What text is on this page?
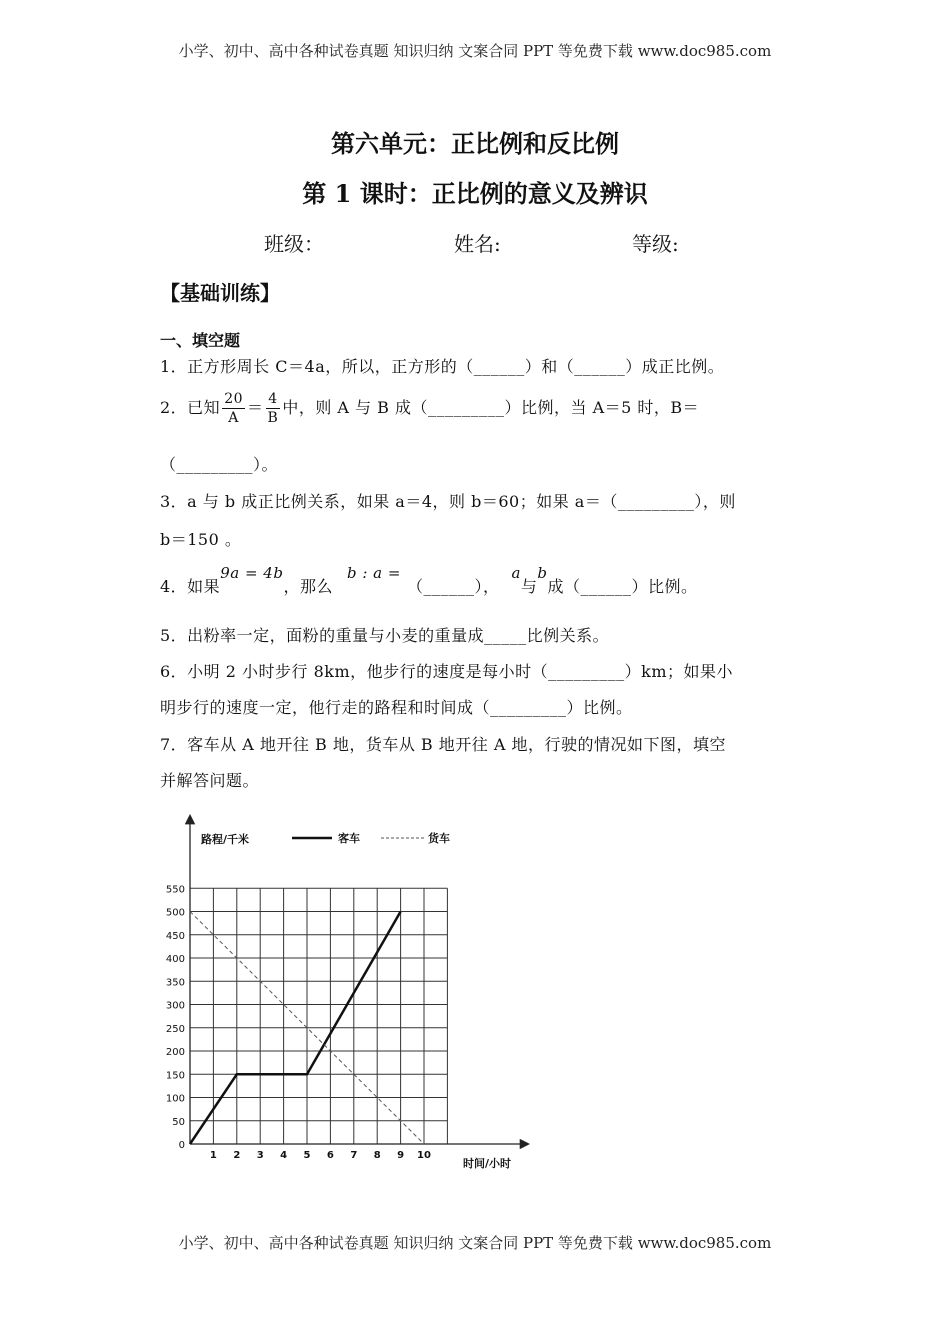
小学、初中、高中各种试卷真题 知识归纳 文案合同 PPT 等免费下载 www.doc985.com
第六单元：正比例和反比例
第 1 课时：正比例的意义及辨识
班级：	姓名:	等级:
【基础训练】
一、填空题
1．正方形周长 C＝4a，所以，正方形的（______）和（______）成正比例。
2．已知 $\frac{20}{A} = \frac{4}{B}$ 中，则 A 与 B 成（_________）比例，当 A＝5 时，B＝
（_________）。
3．a 与 b 成正比例关系，如果 a＝4，则 b＝60；如果 a＝（_________），则
b＝150 。
4．如果9a = 4b，那么b : a =（______），a与b成（______）比例。
5．出粉率一定，面粉的重量与小麦的重量成_____比例关系。
6．小明 2 小时步行 8km，他步行的速度是每小时（_________）km；如果小
明步行的速度一定，他行走的路程和时间成（_________）比例。
7．客车从 A 地开往 B 地，货车从 B 地开往 A 地，行驶的情况如下图，填空
并解答问题。
0
50
100
150
200
250
300
350
400
450
500
550
1 2 3 4 5 6 7 8 9 10
路程/千米
时间/小时
客车	货车
小学、初中、高中各种试卷真题 知识归纳 文案合同 PPT 等免费下载 www.doc985.com
